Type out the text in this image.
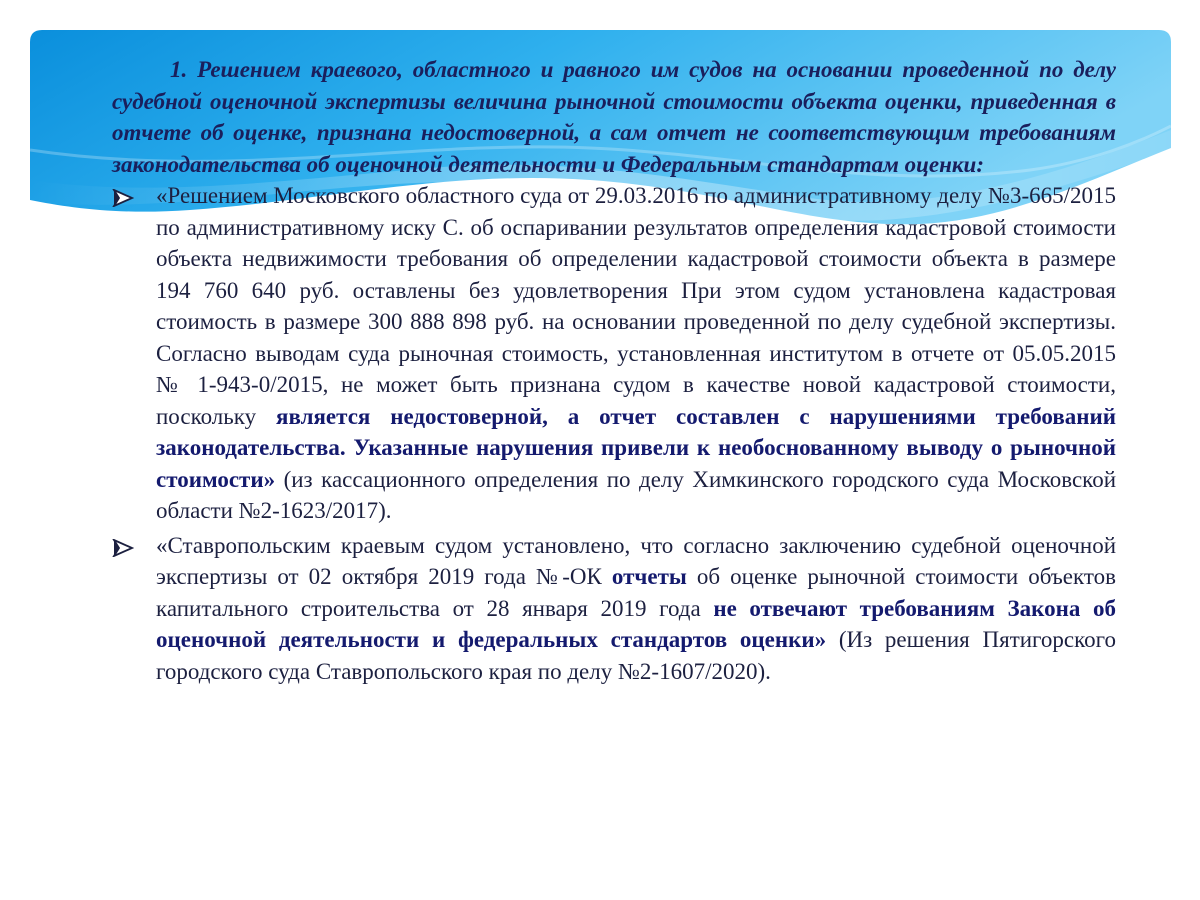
1. Решением краевого, областного и равного им судов на основании проведенной по делу судебной оценочной экспертизы величина рыночной стоимости объекта оценки, приведенная в отчете об оценке, признана недостоверной, а сам отчет не соответствующим требованиям законодательства об оценочной деятельности и Федеральным стандартам оценки:

«Решением Московского областного суда от 29.03.2016 по административному делу №3-665/2015 по административному иску С. об оспаривании результатов определения кадастровой стоимости объекта недвижимости требования об определении кадастровой стоимости объекта в размере 194 760 640 руб. оставлены без удовлетворения При этом судом установлена кадастровая стоимость в размере 300 888 898 руб. на основании проведенной по делу судебной экспертизы. Согласно выводам суда рыночная стоимость, установленная институтом в отчете от 05.05.2015 № 1-943-0/2015, не может быть признана судом в качестве новой кадастровой стоимости, поскольку является недостоверной, а отчет составлен с нарушениями требований законодательства. Указанные нарушения привели к необоснованному выводу о рыночной стоимости» (из кассационного определения по делу Химкинского городского суда Московской области №2-1623/2017).
«Ставропольским краевым судом установлено, что согласно заключению судебной оценочной экспертизы от 02 октября 2019 года №-ОК отчеты об оценке рыночной стоимости объектов капитального строительства от 28 января 2019 года не отвечают требованиям Закона об оценочной деятельности и федеральных стандартов оценки» (Из решения Пятигорского городского суда Ставропольского края по делу №2-1607/2020).
